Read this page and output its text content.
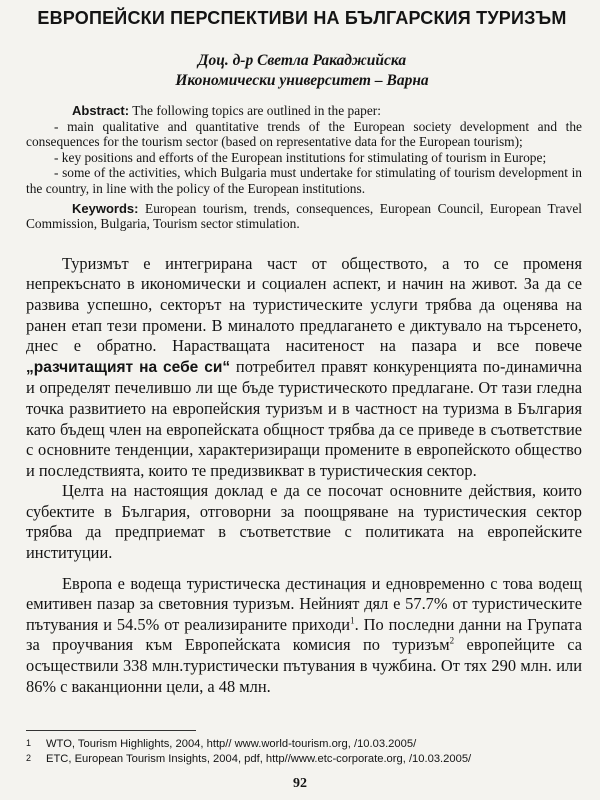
ЕВРОПЕЙСКИ ПЕРСПЕКТИВИ НА БЪЛГАРСКИЯ ТУРИЗЪМ
Доц. д-р Светла Ракаджийска
Икономически университет – Варна

Abstract: The following topics are outlined in the paper:

- main qualitative and quantitative trends of the European society development and the consequences for the tourism sector (based on representative data for the European tourism);

- key positions and efforts of the European institutions for stimulating of tourism in Europe;

- some of the activities, which Bulgaria must undertake for stimulating of tourism development in the country, in line with the policy of the European institutions.

Keywords: European tourism, trends, consequences, European Council, European Travel Commission, Bulgaria, Tourism sector stimulation.

Туризмът е интегрирана част от обществото, а то се променя непрекъснато в икономически и социален аспект, и начин на живот. За да се развива успешно, секторът на туристическите услуги трябва да оценява на ранен етап тези промени. В миналото предлагането е диктувало на търсенето, днес е обратно. Нарастващата наситеност на пазара и все повече „разчитащият на себе си“ потребител правят конкуренцията по-динамична и определят печелившо ли ще бъде туристическото предлагане. От тази гледна точка развитието на европейския туризъм и в частност на туризма в България като бъдещ член на европейската общност трябва да се приведе в съответствие с основните тенденции, характеризиращи промените в европейското общество и последствията, които те предизвикват в туристическия сектор.

Целта на настоящия доклад е да се посочат основните действия, които субектите в България, отговорни за поощряване на туристическия сектор трябва да предприемат в съответствие с политиката на европейските институции.

Европа е водеща туристическа дестинация и едновременно с това водещ емитивен пазар за световния туризъм. Нейният дял е 57.7% от туристическите пътувания и 54.5% от реализираните приходи$^1$. По последни данни на Групата за проучвания към Европейската комисия по туризъм$^2$ европейците са осъществили 338 млн.туристически пътувания в чужбина. От тях 290 млн. или 86% с ваканционни цели, а 48 млн.

1 WTO, Tourism Highlights, 2004, http// www.world-tourism.org, /10.03.2005/
2 ETC, European Tourism Insights, 2004, pdf, http//www.etc-corporate.org, /10.03.2005/
92
